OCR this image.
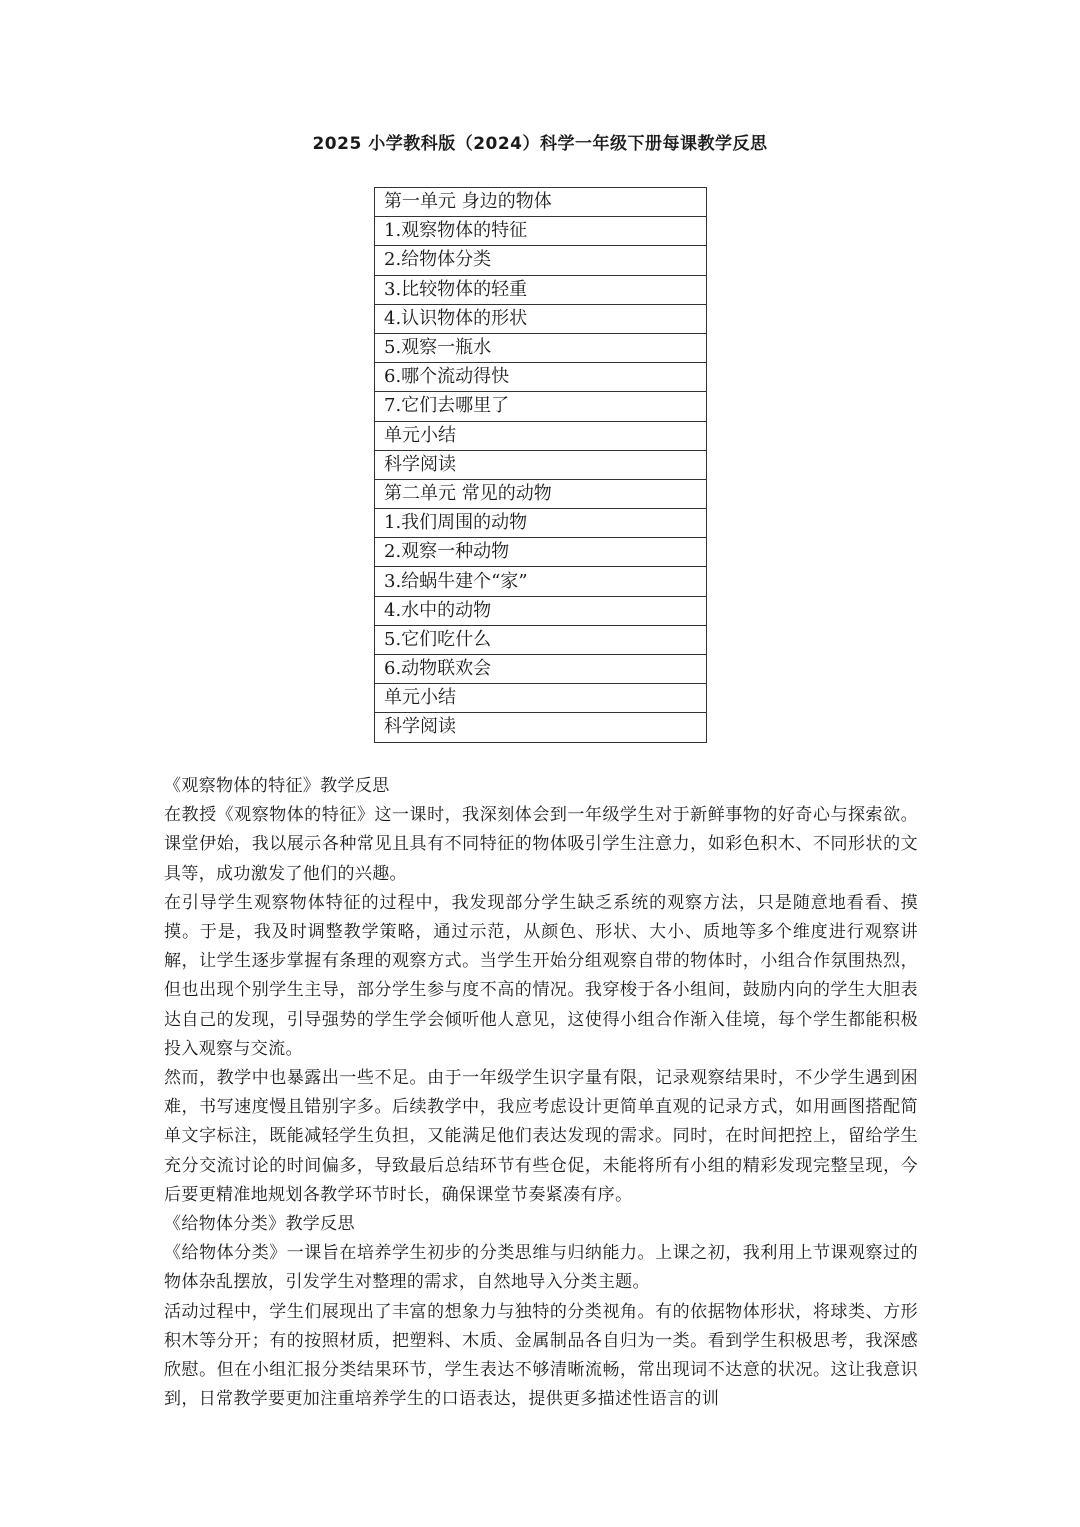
2025 小学教科版（2024）科学一年级下册每课教学反思
第一单元 身边的物体
1.观察物体的特征
2.给物体分类
3.比较物体的轻重
4.认识物体的形状
5.观察一瓶水
6.哪个流动得快
7.它们去哪里了
单元小结
科学阅读
第二单元 常见的动物
1.我们周围的动物
2.观察一种动物
3.给蜗牛建个“家”
4.水中的动物
5.它们吃什么
6.动物联欢会
单元小结
科学阅读

《观察物体的特征》教学反思

在教授《观察物体的特征》这一课时，我深刻体会到一年级学生对于新鲜事物的好奇心与探索欲。课堂伊始，我以展示各种常见且具有不同特征的物体吸引学生注意力，如彩色积木、不同形状的文具等，成功激发了他们的兴趣。

在引导学生观察物体特征的过程中，我发现部分学生缺乏系统的观察方法，只是随意地看看、摸摸。于是，我及时调整教学策略，通过示范，从颜色、形状、大小、质地等多个维度进行观察讲解，让学生逐步掌握有条理的观察方式。当学生开始分组观察自带的物体时，小组合作氛围热烈，但也出现个别学生主导，部分学生参与度不高的情况。我穿梭于各小组间，鼓励内向的学生大胆表达自己的发现，引导强势的学生学会倾听他人意见，这使得小组合作渐入佳境，每个学生都能积极投入观察与交流。

然而，教学中也暴露出一些不足。由于一年级学生识字量有限，记录观察结果时，不少学生遇到困难，书写速度慢且错别字多。后续教学中，我应考虑设计更简单直观的记录方式，如用画图搭配简单文字标注，既能减轻学生负担，又能满足他们表达发现的需求。同时，在时间把控上，留给学生充分交流讨论的时间偏多，导致最后总结环节有些仓促，未能将所有小组的精彩发现完整呈现，今后要更精准地规划各教学环节时长，确保课堂节奏紧凑有序。

《给物体分类》教学反思

《给物体分类》一课旨在培养学生初步的分类思维与归纳能力。上课之初，我利用上节课观察过的物体杂乱摆放，引发学生对整理的需求，自然地导入分类主题。

活动过程中，学生们展现出了丰富的想象力与独特的分类视角。有的依据物体形状，将球类、方形积木等分开；有的按照材质，把塑料、木质、金属制品各自归为一类。看到学生积极思考，我深感欣慰。但在小组汇报分类结果环节，学生表达不够清晰流畅，常出现词不达意的状况。这让我意识到，日常教学要更加注重培养学生的口语表达，提供更多描述性语言的训
